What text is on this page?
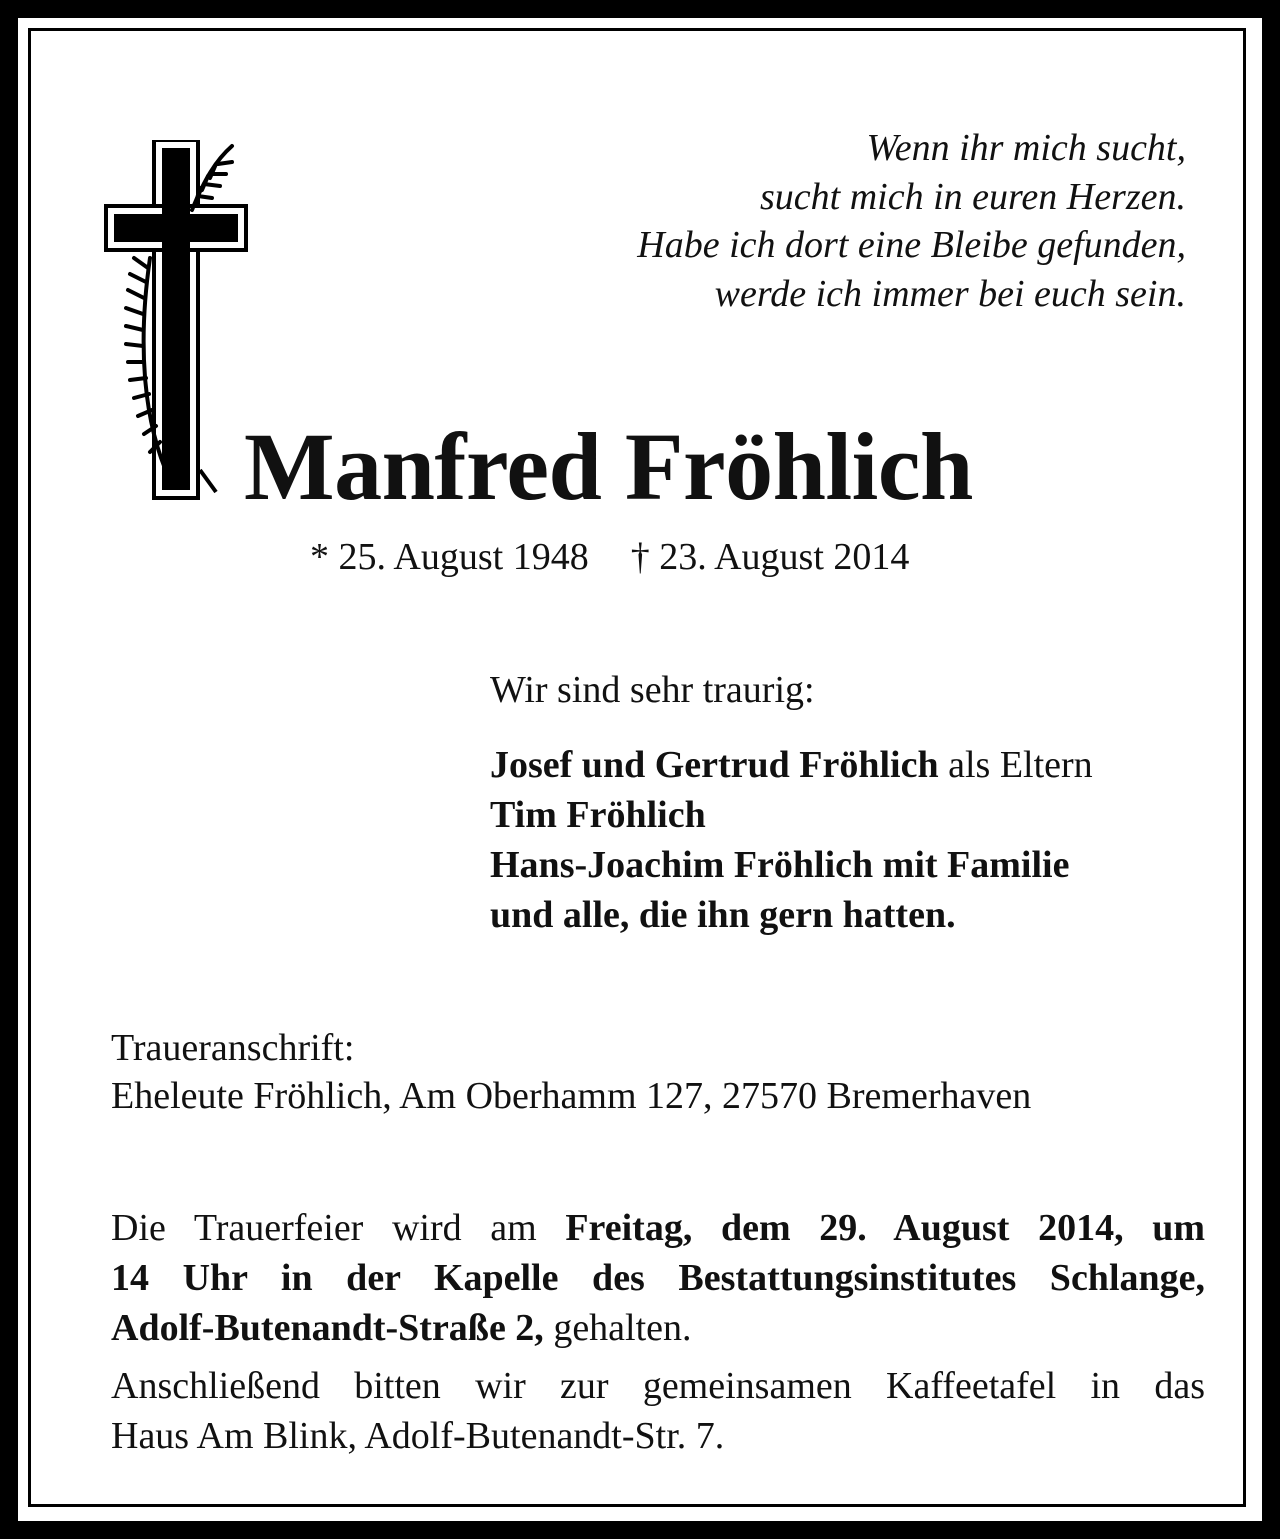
Wenn ihr mich sucht,
sucht mich in euren Herzen.
Habe ich dort eine Bleibe gefunden,
werde ich immer bei euch sein.
Manfred Fröhlich
* 25. August 1948 † 23. August 2014
Wir sind sehr traurig:
Josef und Gertrud Fröhlich als Eltern
Tim Fröhlich
Hans-Joachim Fröhlich mit Familie
und alle, die ihn gern hatten.
Traueranschrift:
Eheleute Fröhlich, Am Oberhamm 127, 27570 Bremerhaven
Die Trauerfeier wird am Freitag, dem 29. August 2014, um
14 Uhr in der Kapelle des Bestattungsinstitutes Schlange,
Adolf-Butenandt-Straße 2, gehalten.
Anschließend bitten wir zur gemeinsamen Kaffeetafel in das
Haus Am Blink, Adolf-Butenandt-Str. 7.
